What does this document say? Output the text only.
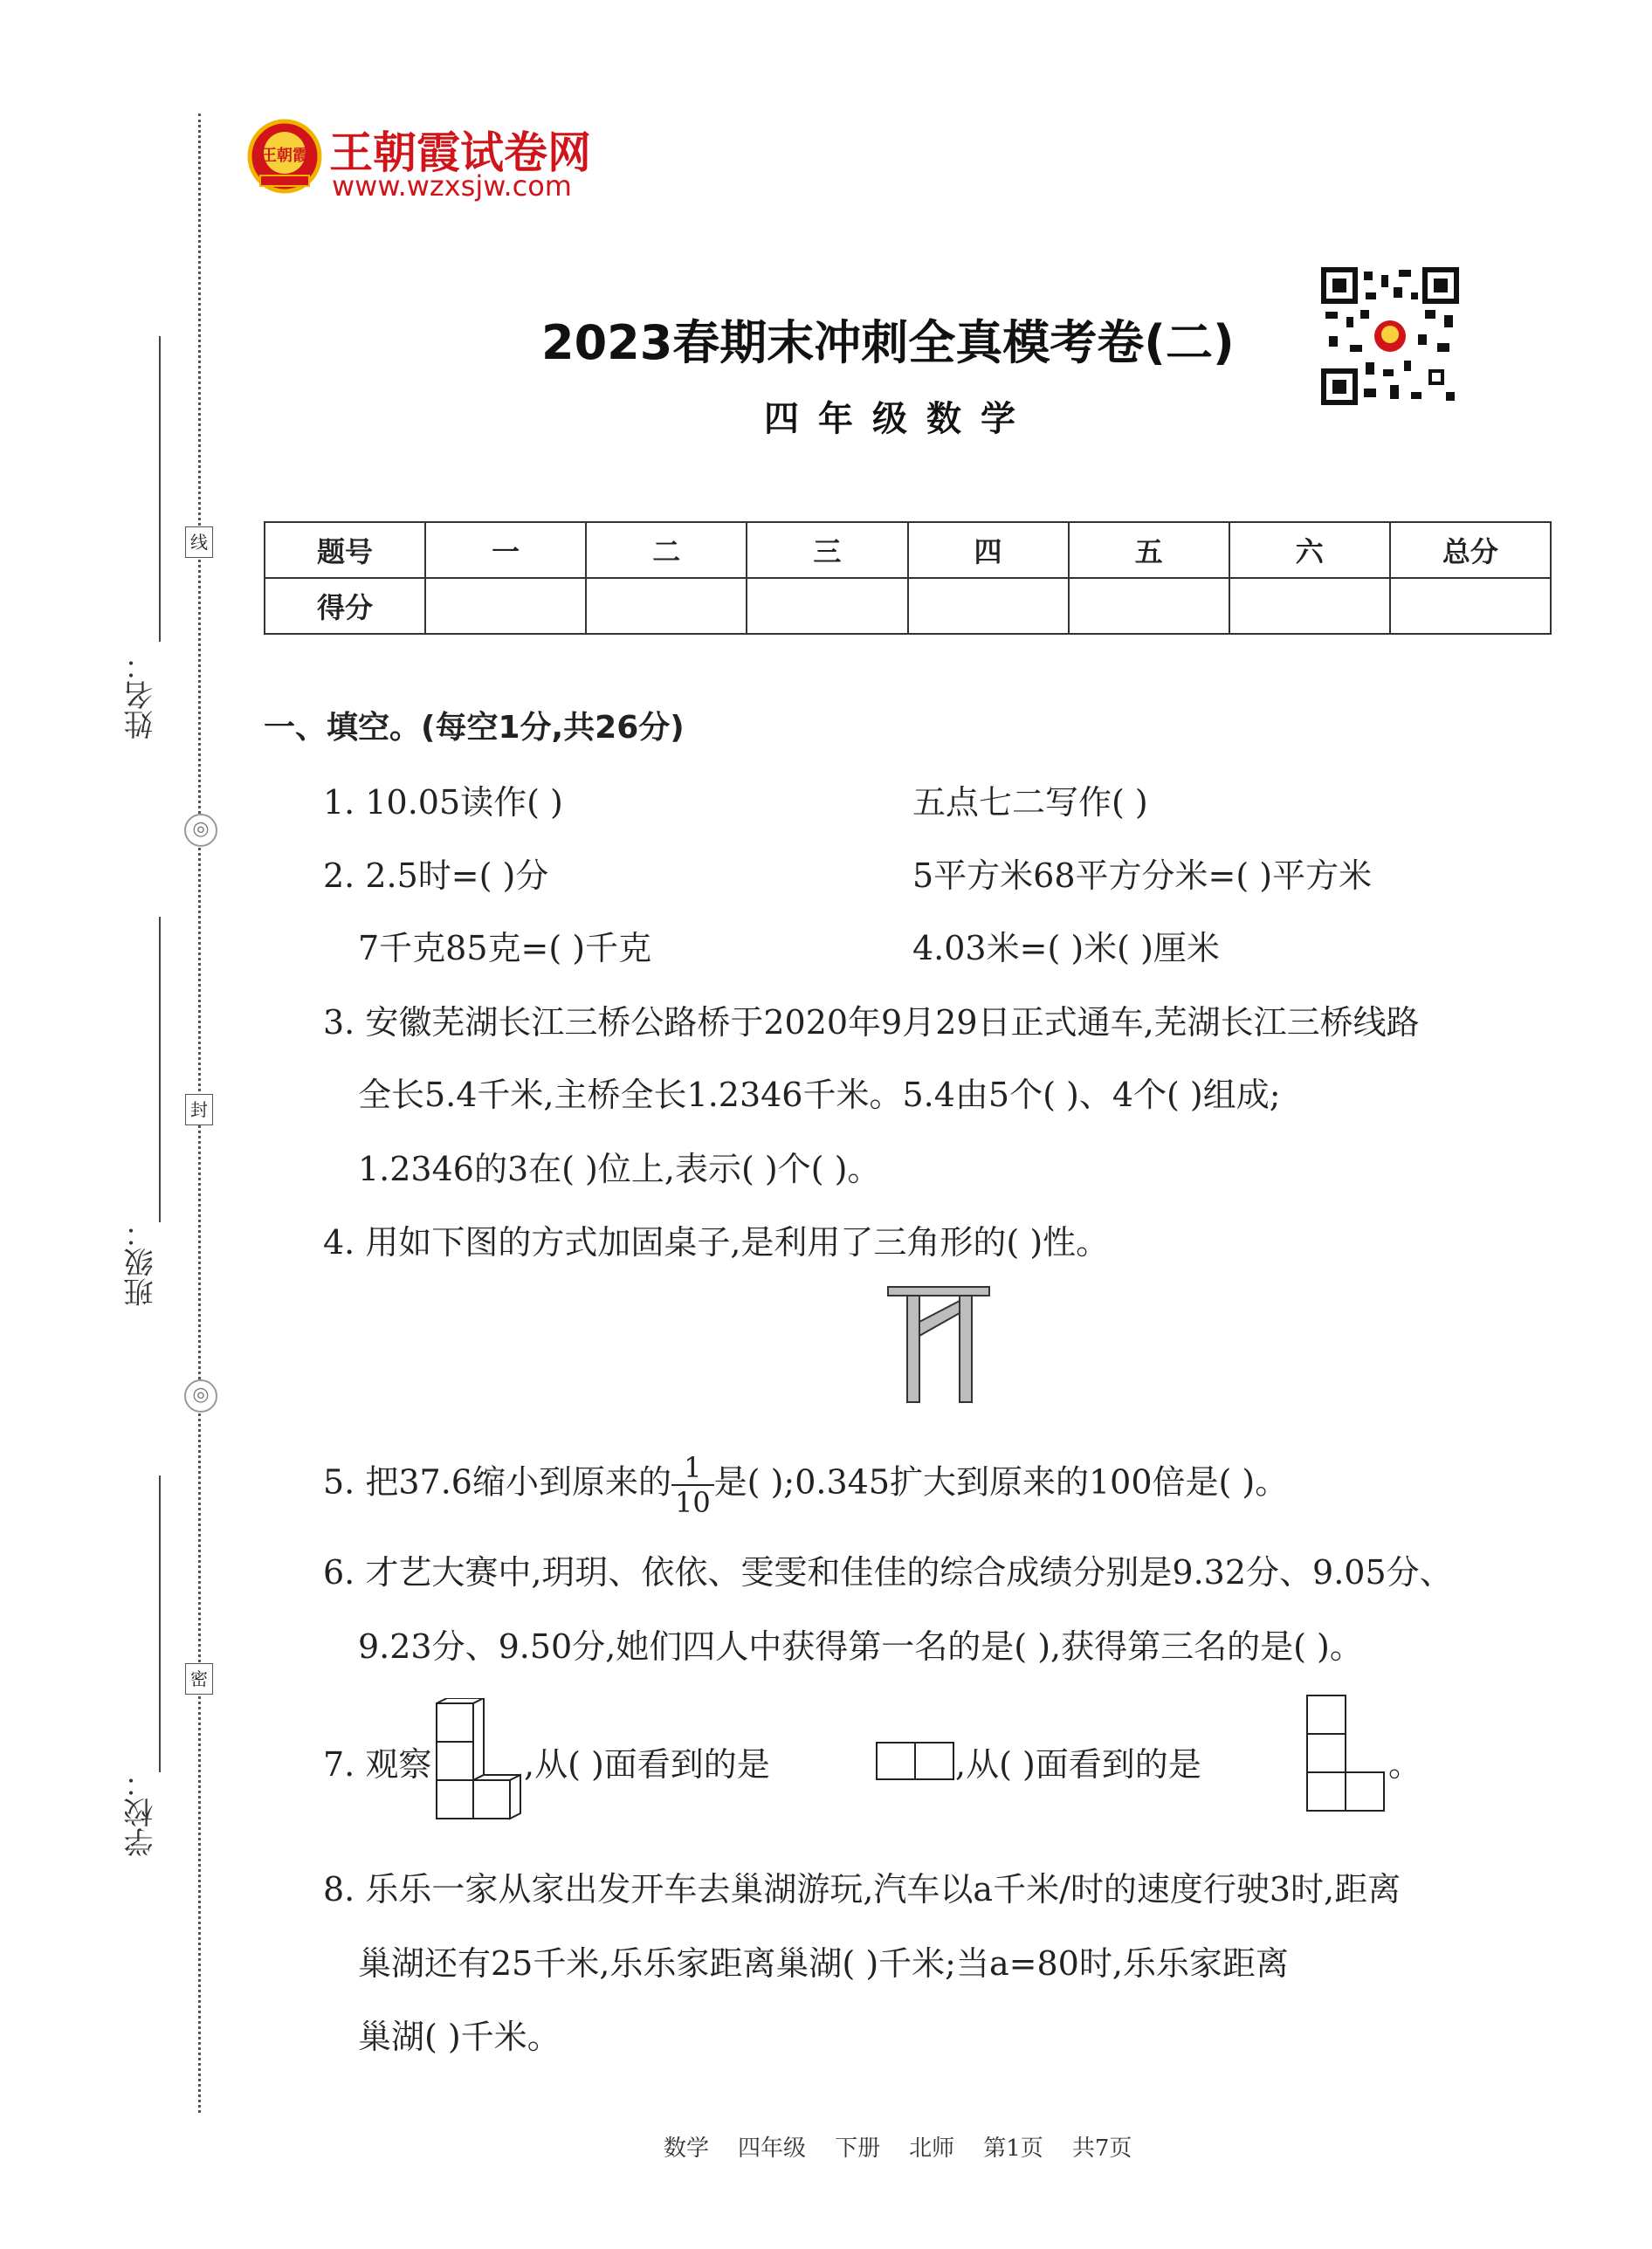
线
封
密
◎
◎
姓名：
班级：
学校：
王朝霞 王朝霞试卷网
www.wzxsjw.com
2023春期末冲刺全真模考卷(二)
四年级数学
题号	一	二	三	四	五	六	总分
得分							
一、填空。(每空1分,共26分)
1. 10.05读作( )	五点七二写作( )
2. 2.5时=( )分	5平方米68平方分米=( )平方米
7千克85克=( )千克	4.03米=( )米( )厘米
3. 安徽芜湖长江三桥公路桥于2020年9月29日正式通车,芜湖长江三桥线路
全长5.4千米,主桥全长1.2346千米。5.4由5个( )、4个( )组成;
1.2346的3在( )位上,表示( )个( )。
4. 用如下图的方式加固桌子,是利用了三角形的( )性。
5. 把37.6缩小到原来的 $\frac{1}{10}$ 是( );0.345扩大到原来的100倍是( )。
6. 才艺大赛中,玥玥、依依、雯雯和佳佳的综合成绩分别是9.32分、9.05分、
9.23分、9.50分,她们四人中获得第一名的是( ),获得第三名的是( )。
7. 观察	,从( )面看到的是	,从( )面看到的是	。
8. 乐乐一家从家出发开车去巢湖游玩,汽车以a千米/时的速度行驶3时,距离
巢湖还有25千米,乐乐家距离巢湖( )千米;当a=80时,乐乐家距离
巢湖( )千米。
数学    四年级    下册    北师    第1页    共7页
